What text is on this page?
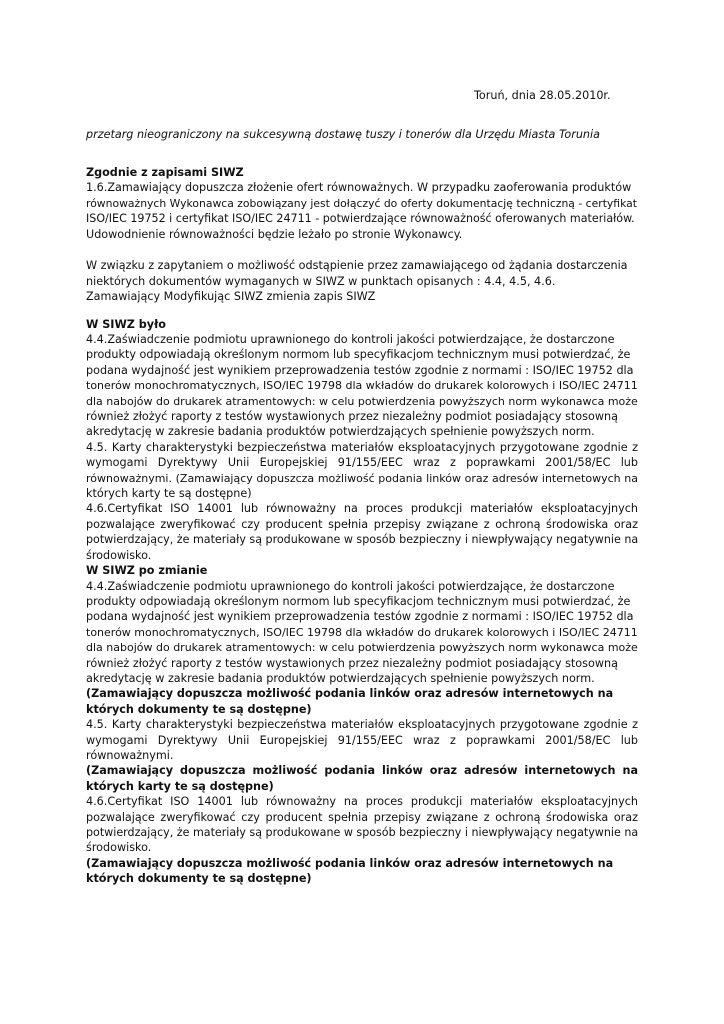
Toruń, dnia 28.05.2010r.
przetarg nieograniczony na sukcesywną dostawę tuszy i tonerów dla Urzędu Miasta Torunia
Zgodnie z zapisami SIWZ
1.6.Zamawiający dopuszcza złożenie ofert równoważnych. W przypadku zaoferowania produktów
równoważnych Wykonawca zobowiązany jest dołączyć do oferty dokumentację techniczną - certyfikat
ISO/IEC 19752 i certyfikat ISO/IEC 24711 - potwierdzające równoważność oferowanych materiałów.
Udowodnienie równoważności będzie leżało po stronie Wykonawcy.
W związku z zapytaniem o możliwość odstąpienie przez zamawiającego od żądania dostarczenia
niektórych dokumentów wymaganych w SIWZ w punktach opisanych : 4.4, 4.5, 4.6.
Zamawiający Modyfikując SIWZ zmienia zapis SIWZ
W SIWZ było
4.4.Zaświadczenie podmiotu uprawnionego do kontroli jakości potwierdzające, że dostarczone
produkty odpowiadają określonym normom lub specyfikacjom technicznym musi potwierdzać, że
podana wydajność jest wynikiem przeprowadzenia testów zgodnie z normami : ISO/IEC 19752 dla
tonerów monochromatycznych, ISO/IEC 19798 dla wkładów do drukarek kolorowych i ISO/IEC 24711
dla nabojów do drukarek atramentowych: w celu potwierdzenia powyższych norm wykonawca może
również złożyć raporty z testów wystawionych przez niezależny podmiot posiadający stosowną
akredytację w zakresie badania produktów potwierdzających spełnienie powyższych norm.
4.5. Karty charakterystyki bezpieczeństwa materiałów eksploatacyjnych przygotowane zgodnie z
wymogami Dyrektywy Unii Europejskiej 91/155/EEC wraz z poprawkami 2001/58/EC lub
równoważnymi. (Zamawiający dopuszcza możliwość podania linków oraz adresów internetowych na
których karty te są dostępne)
4.6.Certyfikat ISO 14001 lub równoważny na proces produkcji materiałów eksploatacyjnych
pozwalające zweryfikować czy producent spełnia przepisy związane z ochroną środowiska oraz
potwierdzający, że materiały są produkowane w sposób bezpieczny i niewpływający negatywnie na
środowisko.
W SIWZ po zmianie
4.4.Zaświadczenie podmiotu uprawnionego do kontroli jakości potwierdzające, że dostarczone
produkty odpowiadają określonym normom lub specyfikacjom technicznym musi potwierdzać, że
podana wydajność jest wynikiem przeprowadzenia testów zgodnie z normami : ISO/IEC 19752 dla
tonerów monochromatycznych, ISO/IEC 19798 dla wkładów do drukarek kolorowych i ISO/IEC 24711
dla nabojów do drukarek atramentowych: w celu potwierdzenia powyższych norm wykonawca może
również złożyć raporty z testów wystawionych przez niezależny podmiot posiadający stosowną
akredytację w zakresie badania produktów potwierdzających spełnienie powyższych norm.
(Zamawiający dopuszcza możliwość podania linków oraz adresów internetowych na
których dokumenty te są dostępne)
4.5. Karty charakterystyki bezpieczeństwa materiałów eksploatacyjnych przygotowane zgodnie z
wymogami Dyrektywy Unii Europejskiej 91/155/EEC wraz z poprawkami 2001/58/EC lub
równoważnymi.
(Zamawiający dopuszcza możliwość podania linków oraz adresów internetowych na
których karty te są dostępne)
4.6.Certyfikat ISO 14001 lub równoważny na proces produkcji materiałów eksploatacyjnych
pozwalające zweryfikować czy producent spełnia przepisy związane z ochroną środowiska oraz
potwierdzający, że materiały są produkowane w sposób bezpieczny i niewpływający negatywnie na
środowisko.
(Zamawiający dopuszcza możliwość podania linków oraz adresów internetowych na
których dokumenty te są dostępne)
